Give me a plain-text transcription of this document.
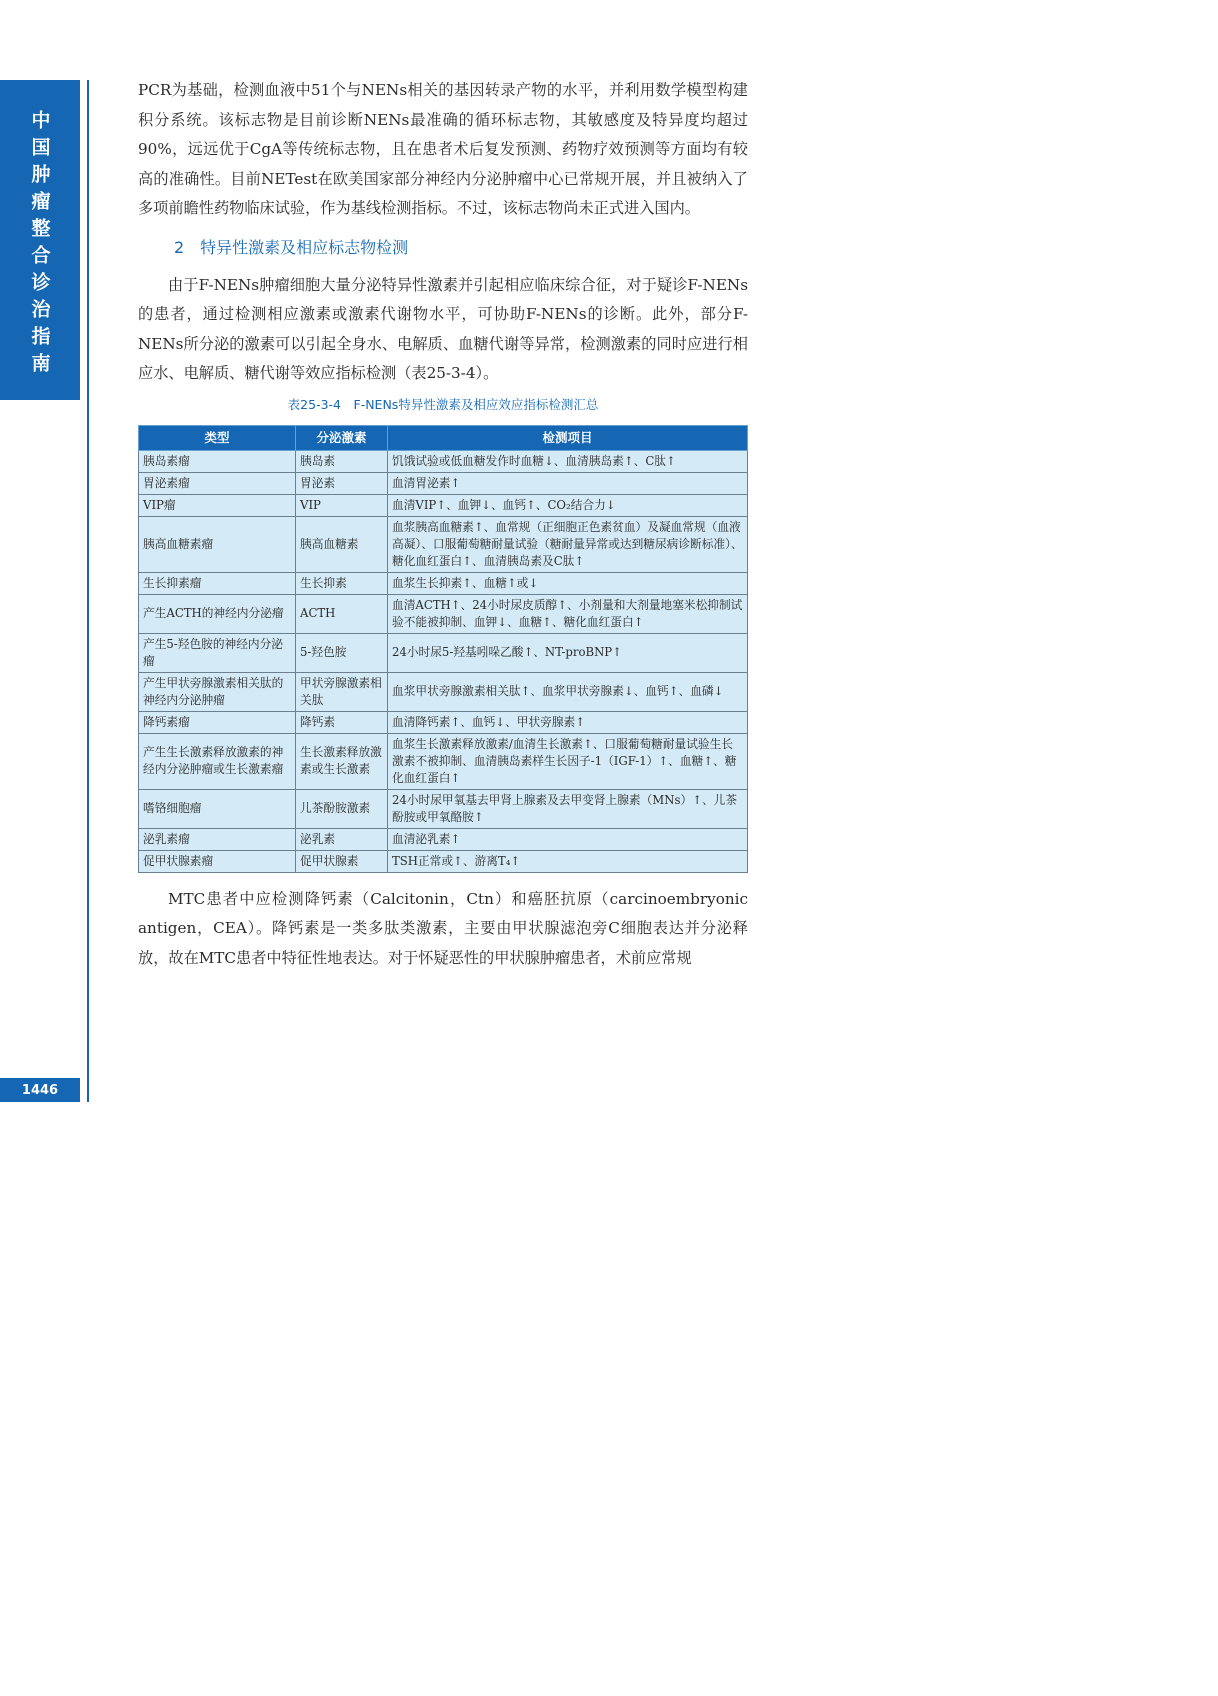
中国肿瘤整合诊治指南
1446

PCR为基础，检测血液中51个与NENs相关的基因转录产物的水平，并利用数学模型构建积分系统。该标志物是目前诊断NENs最准确的循环标志物，其敏感度及特异度均超过90%，远远优于CgA等传统标志物，且在患者术后复发预测、药物疗效预测等方面均有较高的准确性。目前NETest在欧美国家部分神经内分泌肿瘤中心已常规开展，并且被纳入了多项前瞻性药物临床试验，作为基线检测指标。不过，该标志物尚未正式进入国内。

2　特异性激素及相应标志物检测

由于F-NENs肿瘤细胞大量分泌特异性激素并引起相应临床综合征，对于疑诊F-NENs的患者，通过检测相应激素或激素代谢物水平，可协助F-NENs的诊断。此外，部分F-NENs所分泌的激素可以引起全身水、电解质、血糖代谢等异常，检测激素的同时应进行相应水、电解质、糖代谢等效应指标检测（表25-3-4）。

表25-3-4　F-NENs特异性激素及相应效应指标检测汇总
类型	分泌激素	检测项目
胰岛素瘤	胰岛素	饥饿试验或低血糖发作时血糖↓、血清胰岛素↑、C肽↑
胃泌素瘤	胃泌素	血清胃泌素↑
VIP瘤	VIP	血清VIP↑、血钾↓、血钙↑、CO₂结合力↓
胰高血糖素瘤	胰高血糖素	血浆胰高血糖素↑、血常规（正细胞正色素贫血）及凝血常规（血液高凝）、口服葡萄糖耐量试验（糖耐量异常或达到糖尿病诊断标准）、糖化血红蛋白↑、血清胰岛素及C肽↑
生长抑素瘤	生长抑素	血浆生长抑素↑、血糖↑或↓
产生ACTH的神经内分泌瘤	ACTH	血清ACTH↑、24小时尿皮质醇↑、小剂量和大剂量地塞米松抑制试验不能被抑制、血钾↓、血糖↑、糖化血红蛋白↑
产生5-羟色胺的神经内分泌瘤	5-羟色胺	24小时尿5-羟基吲哚乙酸↑、NT-proBNP↑
产生甲状旁腺激素相关肽的神经内分泌肿瘤	甲状旁腺激素相关肽	血浆甲状旁腺激素相关肽↑、血浆甲状旁腺素↓、血钙↑、血磷↓
降钙素瘤	降钙素	血清降钙素↑、血钙↓、甲状旁腺素↑
产生生长激素释放激素的神经内分泌肿瘤或生长激素瘤	生长激素释放激素或生长激素	血浆生长激素释放激素/血清生长激素↑、口服葡萄糖耐量试验生长激素不被抑制、血清胰岛素样生长因子-1（IGF-1）↑、血糖↑、糖化血红蛋白↑
嗜铬细胞瘤	儿茶酚胺激素	24小时尿甲氧基去甲肾上腺素及去甲变肾上腺素（MNs）↑、儿茶酚胺或甲氧酪胺↑
泌乳素瘤	泌乳素	血清泌乳素↑
促甲状腺素瘤	促甲状腺素	TSH正常或↑、游离T₄↑

MTC患者中应检测降钙素（Calcitonin，Ctn）和癌胚抗原（carcinoembryonic antigen，CEA）。降钙素是一类多肽类激素，主要由甲状腺滤泡旁C细胞表达并分泌释放，故在MTC患者中特征性地表达。对于怀疑恶性的甲状腺肿瘤患者，术前应常规
